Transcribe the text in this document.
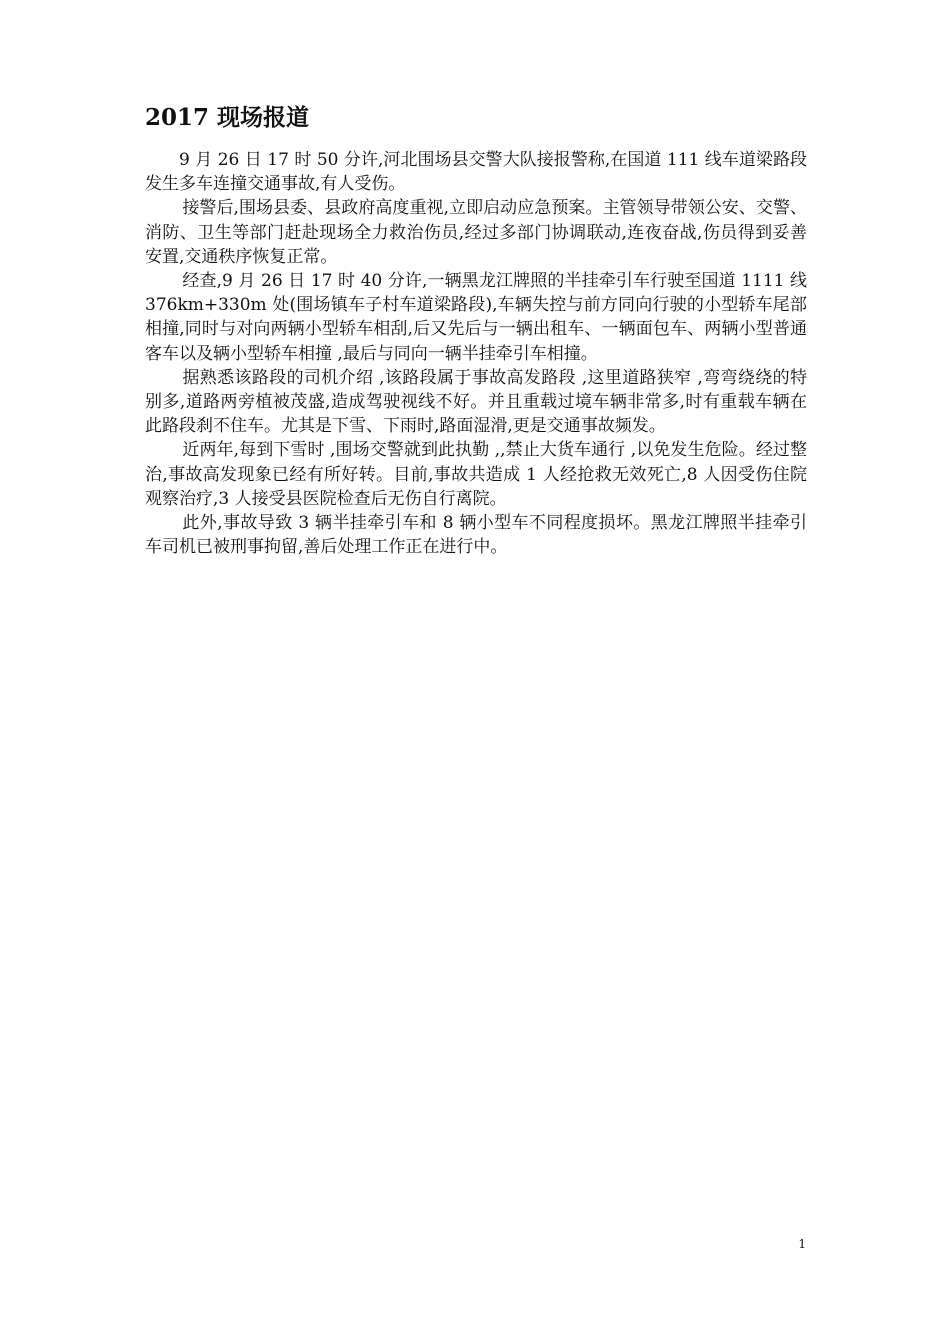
2017 现场报道

9 月 26 日 17 时 50 分许,河北围场县交警大队接报警称,在国道 111 线车道梁路段发生多车连撞交通事故,有人受伤。

接警后,围场县委、县政府高度重视,立即启动应急预案。主管领导带领公安、交警、消防、卫生等部门赶赴现场全力救治伤员,经过多部门协调联动,连夜奋战,伤员得到妥善安置,交通秩序恢复正常。

经查,9 月 26 日 17 时 40 分许,一辆黑龙江牌照的半挂牵引车行驶至国道 1111 线 376km+330m 处(围场镇车子村车道梁路段),车辆失控与前方同向行驶的小型轿车尾部相撞,同时与对向两辆小型轿车相刮,后又先后与一辆出租车、一辆面包车、两辆小型普通客车以及辆小型轿车相撞 ,最后与同向一辆半挂牵引车相撞。

据熟悉该路段的司机介绍 ,该路段属于事故高发路段 ,这里道路狭窄 ,弯弯绕绕的特别多,道路两旁植被茂盛,造成驾驶视线不好。并且重载过境车辆非常多,时有重载车辆在此路段刹不住车。尤其是下雪、下雨时,路面湿滑,更是交通事故频发。

近两年,每到下雪时 ,围场交警就到此执勤 ,,禁止大货车通行 ,以免发生危险。经过整治,事故高发现象已经有所好转。目前,事故共造成 1 人经抢救无效死亡,8 人因受伤住院观察治疗,3 人接受县医院检查后无伤自行离院。

此外,事故导致 3 辆半挂牵引车和 8 辆小型车不同程度损坏。黑龙江牌照半挂牵引车司机已被刑事拘留,善后处理工作正在进行中。

1
